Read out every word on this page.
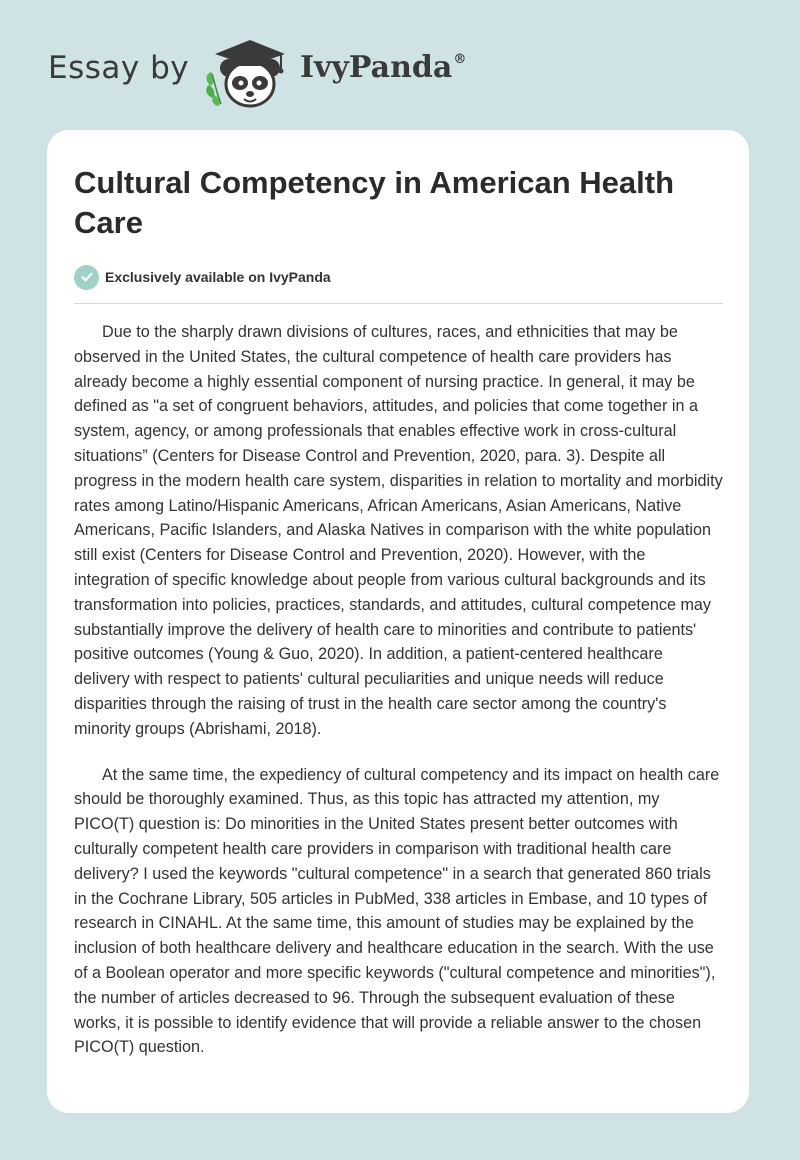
Essay by	IvyPanda®
Cultural Competency in American Health Care
Exclusively available on IvyPanda

Due to the sharply drawn divisions of cultures, races, and ethnicities that may be observed in the United States, the cultural competence of health care providers has already become a highly essential component of nursing practice. In general, it may be defined as "a set of congruent behaviors, attitudes, and policies that come together in a system, agency, or among professionals that enables effective work in cross-cultural situations” (Centers for Disease Control and Prevention, 2020, para. 3). Despite all progress in the modern health care system, disparities in relation to mortality and morbidity rates among Latino/Hispanic Americans, African Americans, Asian Americans, Native Americans, Pacific Islanders, and Alaska Natives in comparison with the white population still exist (Centers for Disease Control and Prevention, 2020). However, with the integration of specific knowledge about people from various cultural backgrounds and its transformation into policies, practices, standards, and attitudes, cultural competence may substantially improve the delivery of health care to minorities and contribute to patients' positive outcomes (Young & Guo, 2020). In addition, a patient-centered healthcare delivery with respect to patients' cultural peculiarities and unique needs will reduce disparities through the raising of trust in the health care sector among the country's minority groups (Abrishami, 2018).

At the same time, the expediency of cultural competency and its impact on health care should be thoroughly examined. Thus, as this topic has attracted my attention, my PICO(T) question is: Do minorities in the United States present better outcomes with culturally competent health care providers in comparison with traditional health care delivery? I used the keywords "cultural competence" in a search that generated 860 trials in the Cochrane Library, 505 articles in PubMed, 338 articles in Embase, and 10 types of research in CINAHL. At the same time, this amount of studies may be explained by the inclusion of both healthcare delivery and healthcare education in the search. With the use of a Boolean operator and more specific keywords ("cultural competence and minorities"), the number of articles decreased to 96. Through the subsequent evaluation of these works, it is possible to identify evidence that will provide a reliable answer to the chosen PICO(T) question.
